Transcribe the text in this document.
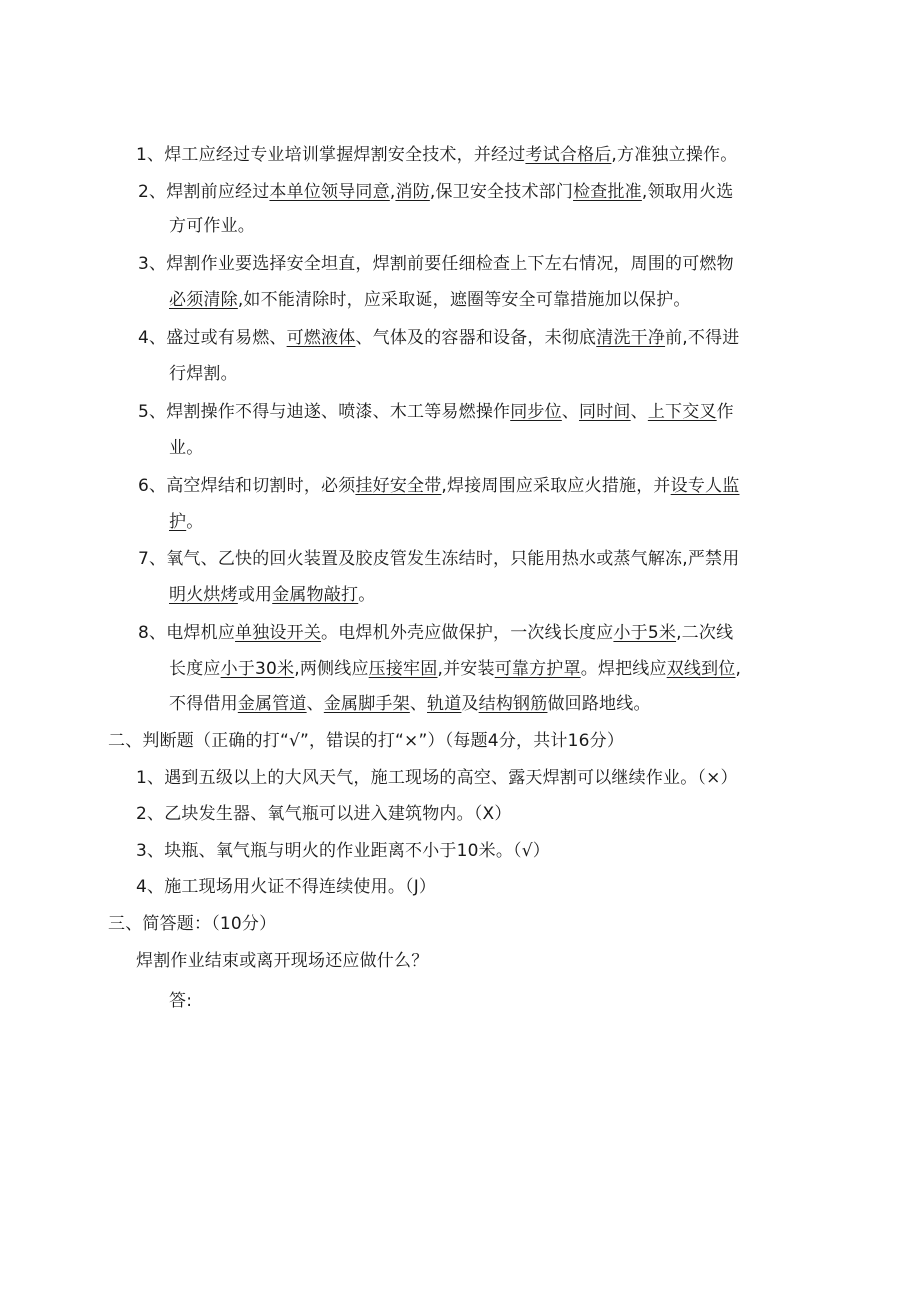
1、焊工应经过专业培训掌握焊割安全技术，并经过考试合格后,方准独立操作。
2、焊割前应经过本单位领导同意,消防,保卫安全技术部门检查批准,领取用火选
方可作业。
3、焊割作业要选择安全坦直，焊割前要任细检查上下左右情况，周围的可燃物
必须清除,如不能清除时，应采取诞，遮圈等安全可靠措施加以保护。
4、盛过或有易燃、可燃液体、气体及的容器和设备，未彻底清洗干净前,不得进
行焊割。
5、焊割操作不得与迪遂、喷漆、木工等易燃操作同步位、同时间、上下交叉作
业。
6、高空焊结和切割时，必须挂好安全带,焊接周围应采取应火措施，并设专人监
护。
7、氧气、乙快的回火装置及胶皮管发生冻结时，只能用热水或蒸气解冻,严禁用
明火烘烤或用金属物敲打。
8、电焊机应单独设开关。电焊机外壳应做保护，一次线长度应小于5米,二次线
长度应小于30米,两侧线应压接牢固,并安装可靠方护罩。焊把线应双线到位,
不得借用金属管道、金属脚手架、轨道及结构钢筋做回路地线。
二、判断题（正确的打“√”，错误的打“×”）（每题4分，共计16分）
1、遇到五级以上的大风天气，施工现场的高空、露天焊割可以继续作业。（×）
2、乙块发生器、氧气瓶可以进入建筑物内。（X）
3、块瓶、氧气瓶与明火的作业距离不小于10米。（√）
4、施工现场用火证不得连续使用。（J）
三、简答题：（10分）
焊割作业结束或离开现场还应做什么？
答:
